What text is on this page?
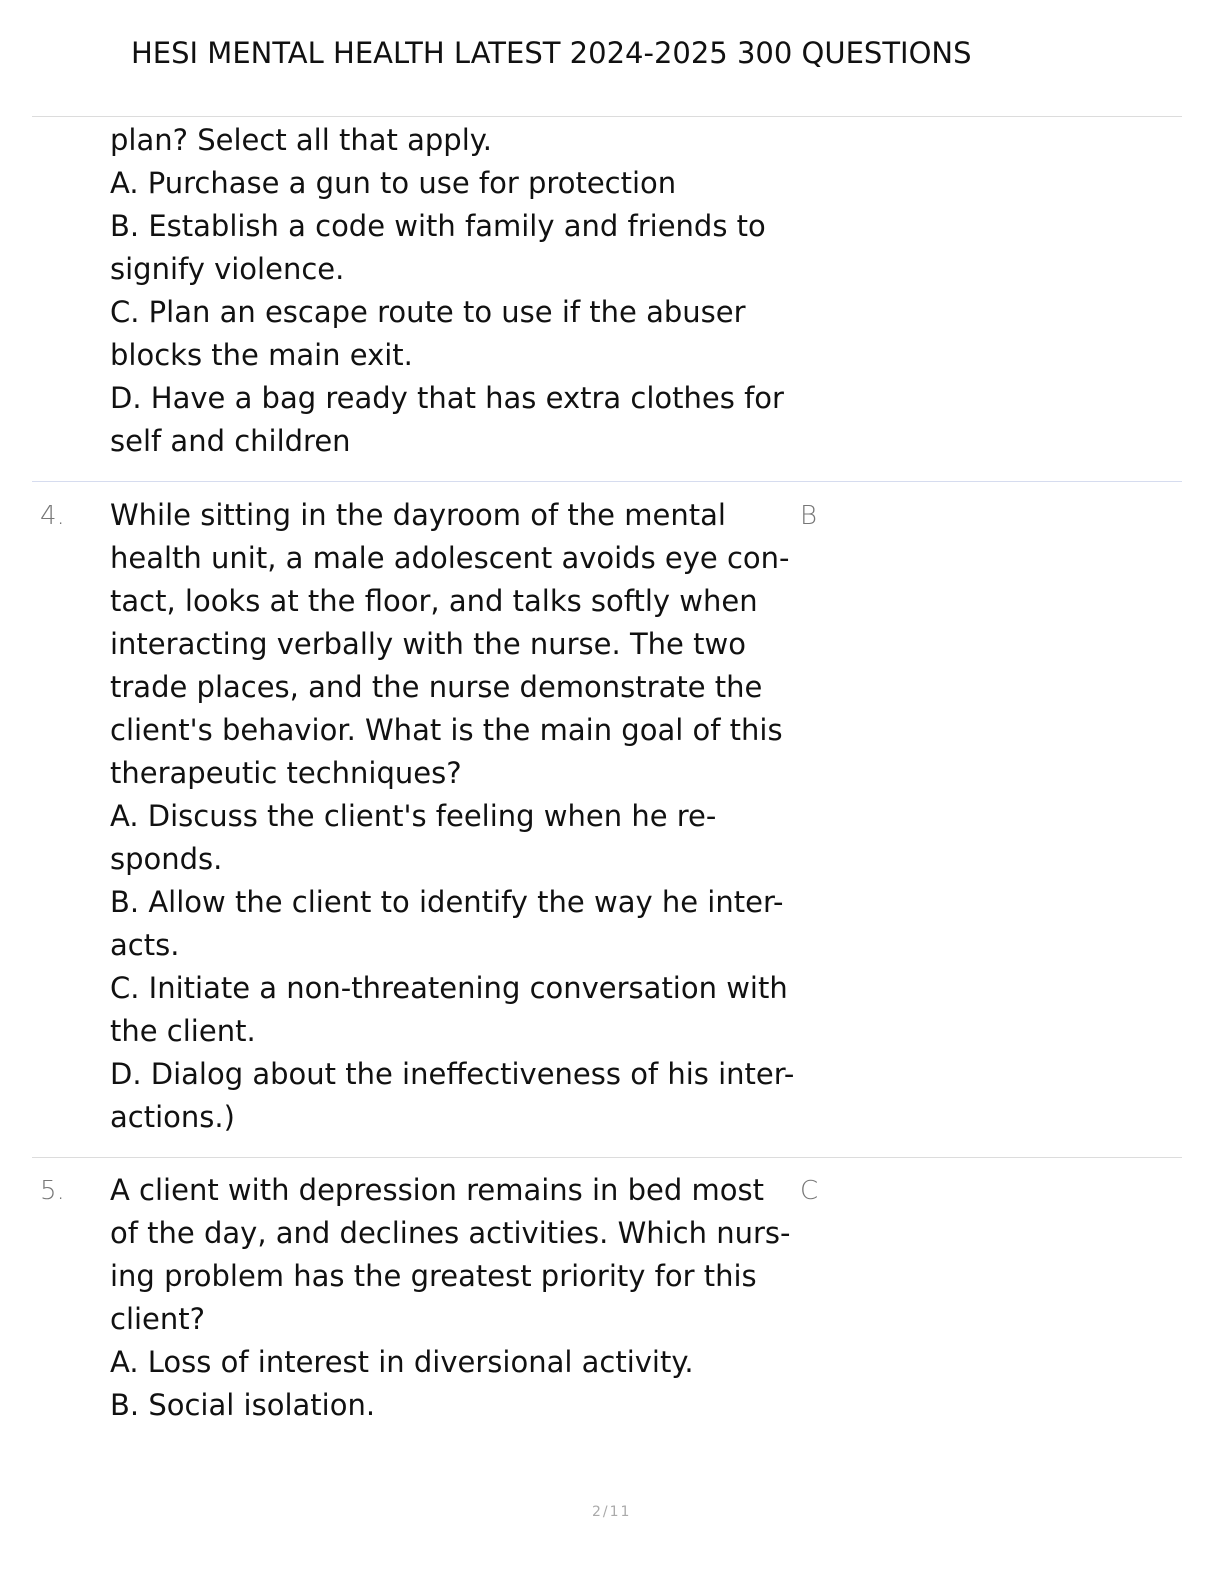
HESI MENTAL HEALTH LATEST 2024-2025 300 QUESTIONS
plan? Select all that apply.
A. Purchase a gun to use for protection
B. Establish a code with family and friends to
signify violence.
C. Plan an escape route to use if the abuser
blocks the main exit.
D. Have a bag ready that has extra clothes for
self and children
4.	B
While sitting in the dayroom of the mental
health unit, a male adolescent avoids eye con-
tact, looks at the floor, and talks softly when
interacting verbally with the nurse. The two
trade places, and the nurse demonstrate the
client's behavior. What is the main goal of this
therapeutic techniques?
A. Discuss the client's feeling when he re-
sponds.
B. Allow the client to identify the way he inter-
acts.
C. Initiate a non-threatening conversation with
the client.
D. Dialog about the ineffectiveness of his inter-
actions.)
5.	C
A client with depression remains in bed most
of the day, and declines activities. Which nurs-
ing problem has the greatest priority for this
client?
A. Loss of interest in diversional activity.
B. Social isolation.
2/11
